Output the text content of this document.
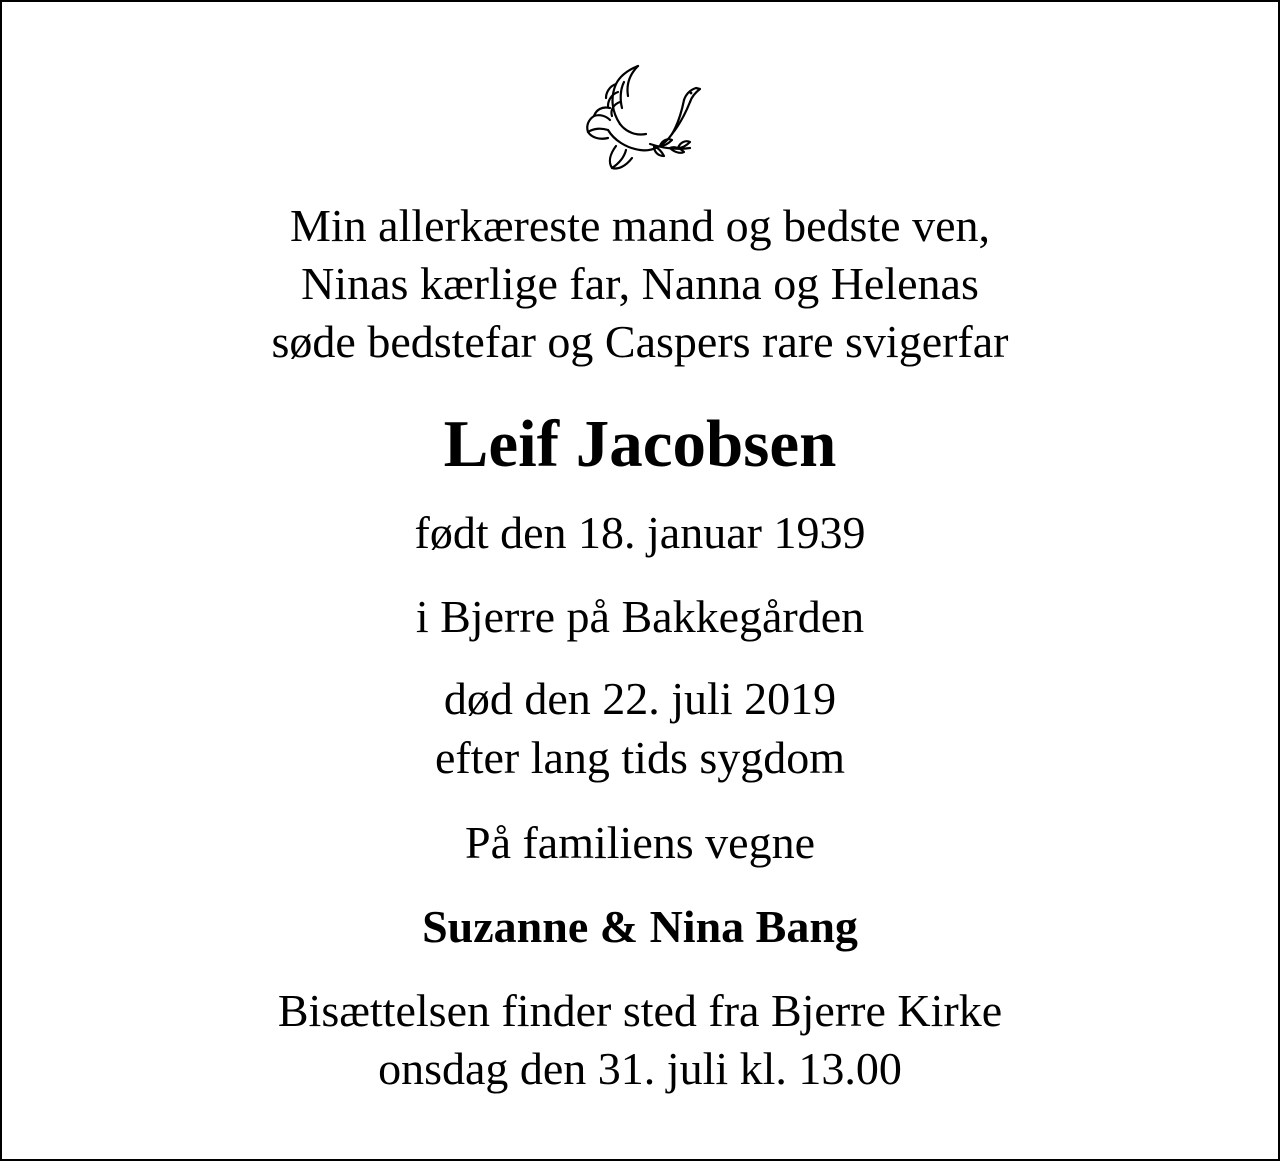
Min allerkæreste mand og bedste ven,
Ninas kærlige far, Nanna og Helenas
søde bedstefar og Caspers rare svigerfar
Leif Jacobsen
født den 18. januar 1939
i Bjerre på Bakkegården
død den 22. juli 2019
efter lang tids sygdom
På familiens vegne
Suzanne & Nina Bang
Bisættelsen finder sted fra Bjerre Kirke
onsdag den 31. juli kl. 13.00
